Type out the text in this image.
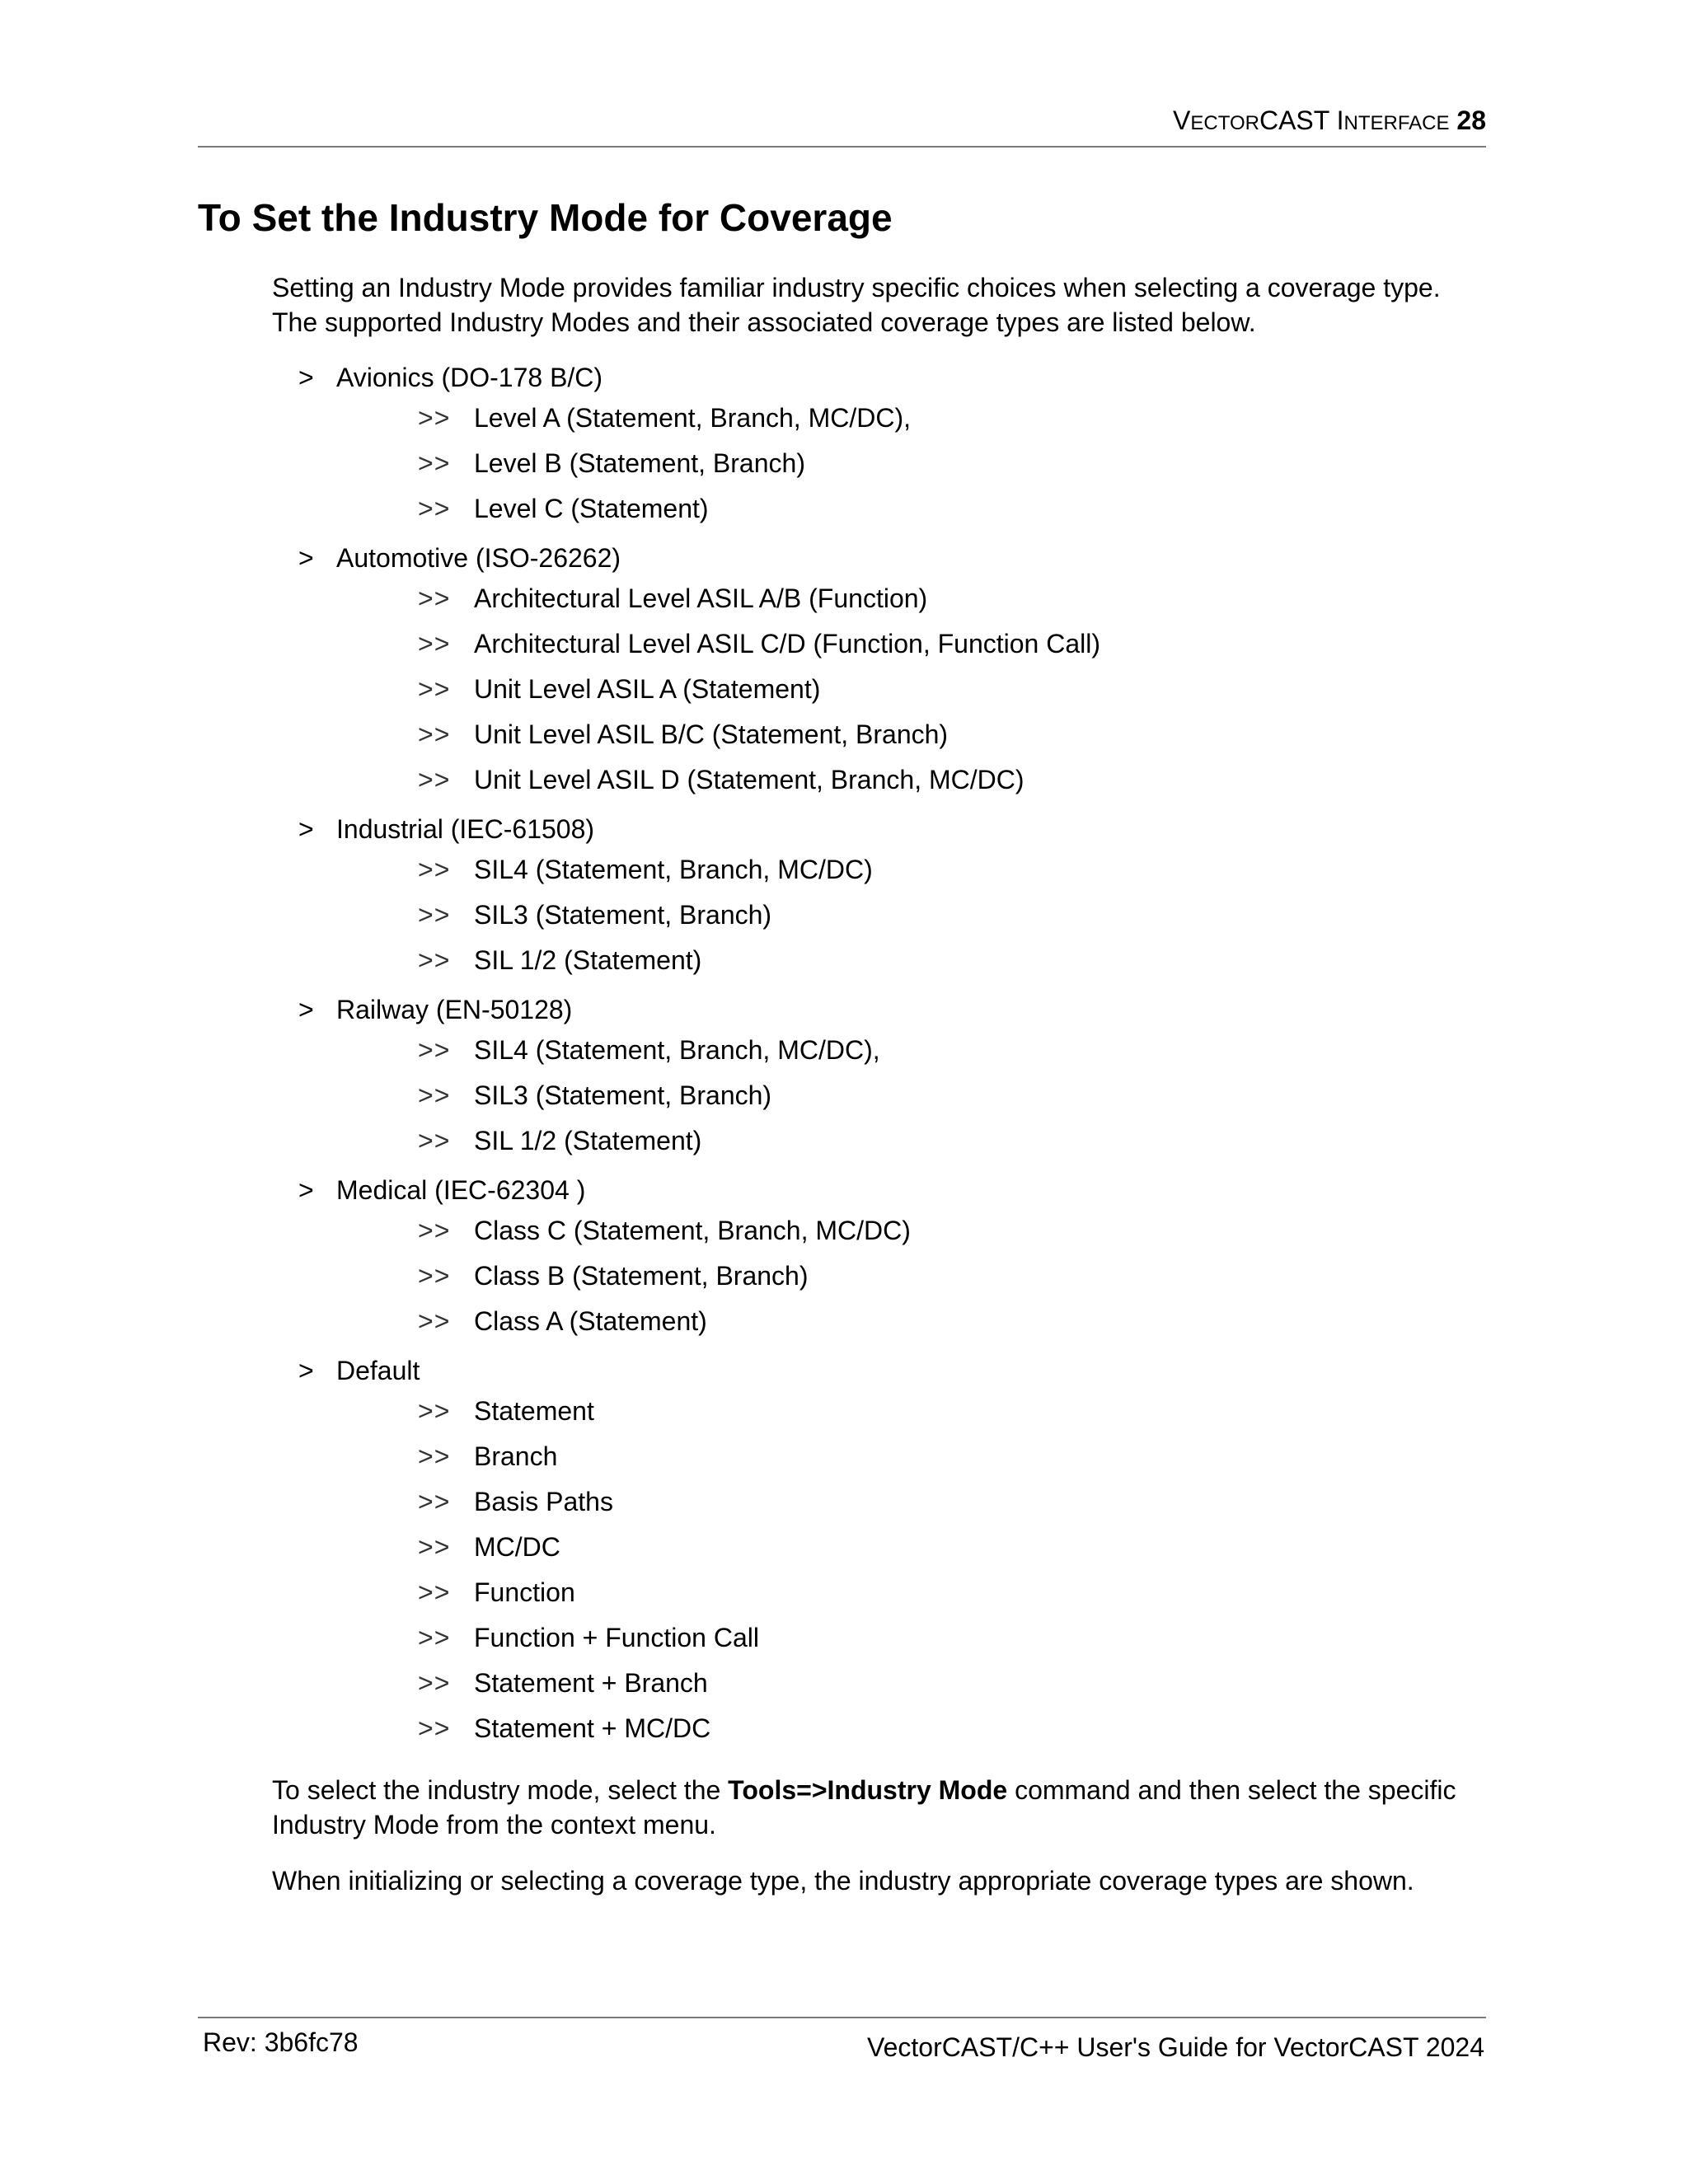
VECTORCAST INTERFACE 28
To Set the Industry Mode for Coverage

Setting an Industry Mode provides familiar industry specific choices when selecting a coverage type. The supported Industry Modes and their associated coverage types are listed below.

> Avionics (DO-178 B/C)
>> Level A (Statement, Branch, MC/DC),
>> Level B (Statement, Branch)
>> Level C (Statement)
> Automotive (ISO-26262)
>> Architectural Level ASIL A/B (Function)
>> Architectural Level ASIL C/D (Function, Function Call)
>> Unit Level ASIL A (Statement)
>> Unit Level ASIL B/C (Statement, Branch)
>> Unit Level ASIL D (Statement, Branch, MC/DC)
> Industrial (IEC-61508)
>> SIL4 (Statement, Branch, MC/DC)
>> SIL3 (Statement, Branch)
>> SIL 1/2 (Statement)
> Railway (EN-50128)
>> SIL4 (Statement, Branch, MC/DC),
>> SIL3 (Statement, Branch)
>> SIL 1/2 (Statement)
> Medical (IEC-62304 )
>> Class C (Statement, Branch, MC/DC)
>> Class B (Statement, Branch)
>> Class A (Statement)
> Default
>> Statement
>> Branch
>> Basis Paths
>> MC/DC
>> Function
>> Function + Function Call
>> Statement + Branch
>> Statement + MC/DC

To select the industry mode, select the Tools=>Industry Mode command and then select the specific Industry Mode from the context menu.

When initializing or selecting a coverage type, the industry appropriate coverage types are shown.

Rev: 3b6fc78	VectorCAST/C++ User's Guide for VectorCAST 2024
